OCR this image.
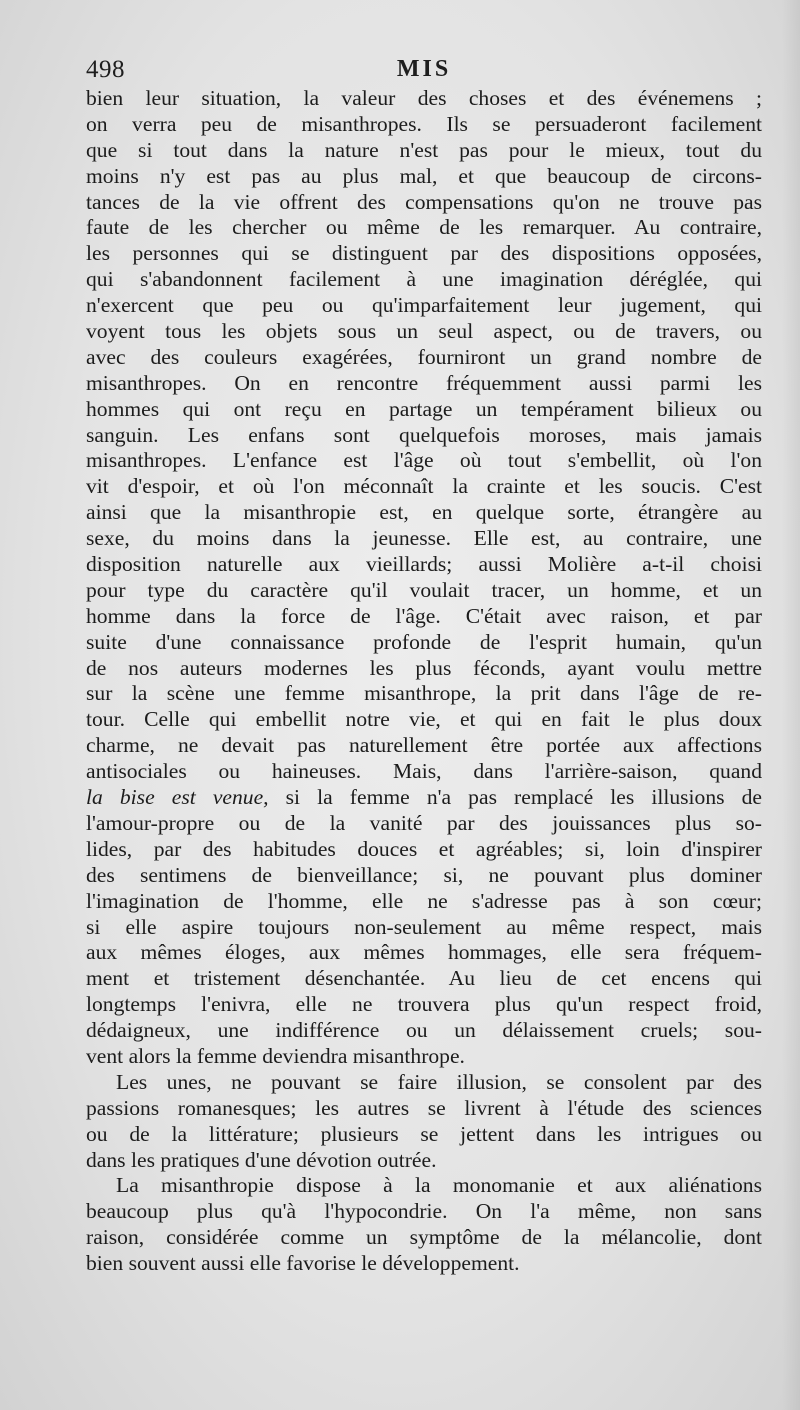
498	MIS
bien leur situation, la valeur des choses et des événemens ;
on verra peu de misanthropes. Ils se persuaderont facilement
que si tout dans la nature n'est pas pour le mieux, tout du
moins n'y est pas au plus mal, et que beaucoup de circons-
tances de la vie offrent des compensations qu'on ne trouve pas
faute de les chercher ou même de les remarquer. Au contraire,
les personnes qui se distinguent par des dispositions opposées,
qui s'abandonnent facilement à une imagination déréglée, qui
n'exercent que peu ou qu'imparfaitement leur jugement, qui
voyent tous les objets sous un seul aspect, ou de travers, ou
avec des couleurs exagérées, fourniront un grand nombre de
misanthropes. On en rencontre fréquemment aussi parmi les
hommes qui ont reçu en partage un tempérament bilieux ou
sanguin. Les enfans sont quelquefois moroses, mais jamais
misanthropes. L'enfance est l'âge où tout s'embellit, où l'on
vit d'espoir, et où l'on méconnaît la crainte et les soucis. C'est
ainsi que la misanthropie est, en quelque sorte, étrangère au
sexe, du moins dans la jeunesse. Elle est, au contraire, une
disposition naturelle aux vieillards; aussi Molière a-t-il choisi
pour type du caractère qu'il voulait tracer, un homme, et un
homme dans la force de l'âge. C'était avec raison, et par
suite d'une connaissance profonde de l'esprit humain, qu'un
de nos auteurs modernes les plus féconds, ayant voulu mettre
sur la scène une femme misanthrope, la prit dans l'âge de re-
tour. Celle qui embellit notre vie, et qui en fait le plus doux
charme, ne devait pas naturellement être portée aux affections
antisociales ou haineuses. Mais, dans l'arrière-saison, quand
la bise est venue, si la femme n'a pas remplacé les illusions de
l'amour-propre ou de la vanité par des jouissances plus so-
lides, par des habitudes douces et agréables; si, loin d'inspirer
des sentimens de bienveillance; si, ne pouvant plus dominer
l'imagination de l'homme, elle ne s'adresse pas à son cœur;
si elle aspire toujours non-seulement au même respect, mais
aux mêmes éloges, aux mêmes hommages, elle sera fréquem-
ment et tristement désenchantée. Au lieu de cet encens qui
longtemps l'enivra, elle ne trouvera plus qu'un respect froid,
dédaigneux, une indifférence ou un délaissement cruels; sou-
vent alors la femme deviendra misanthrope.
Les unes, ne pouvant se faire illusion, se consolent par des
passions romanesques; les autres se livrent à l'étude des sciences
ou de la littérature; plusieurs se jettent dans les intrigues ou
dans les pratiques d'une dévotion outrée.
La misanthropie dispose à la monomanie et aux aliénations
beaucoup plus qu'à l'hypocondrie. On l'a même, non sans
raison, considérée comme un symptôme de la mélancolie, dont
bien souvent aussi elle favorise le développement.
